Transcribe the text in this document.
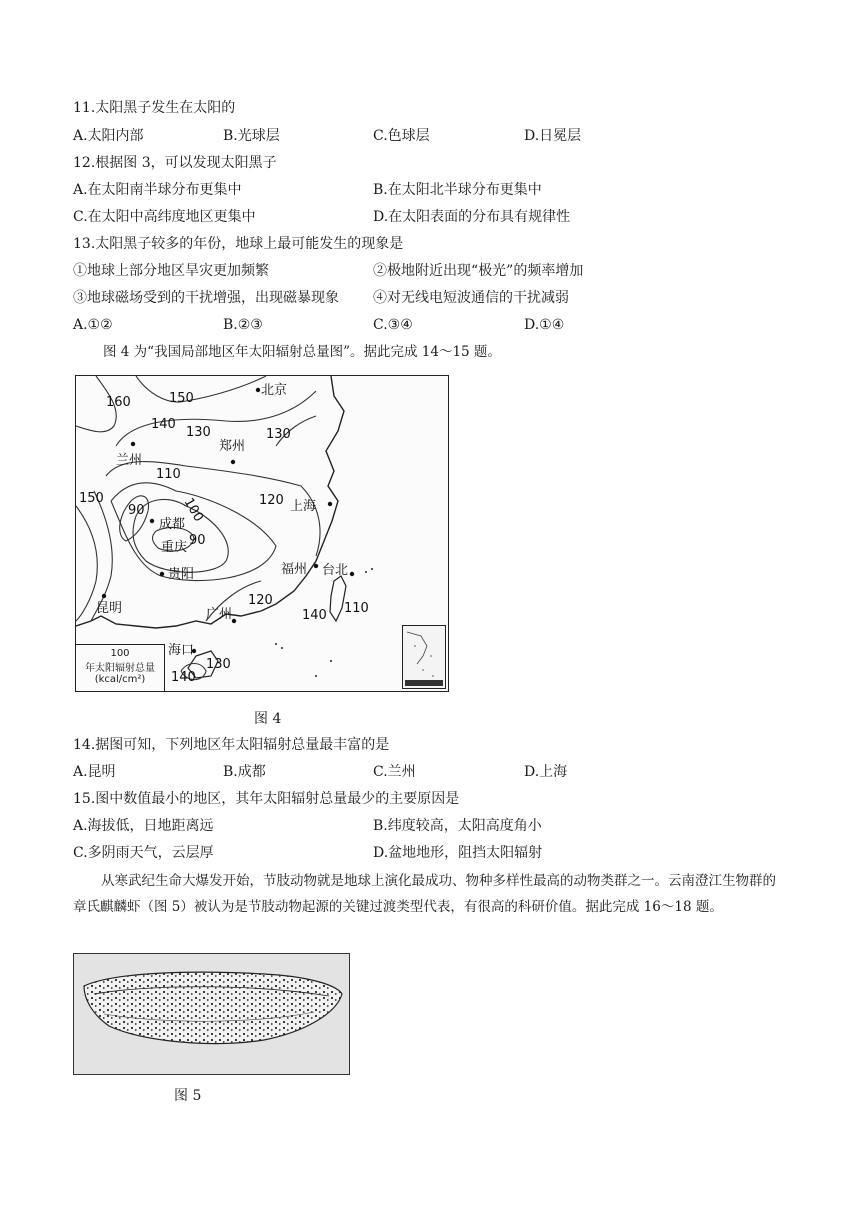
11.太阳黑子发生在太阳的
A.太阳内部	B.光球层	C.色球层	D.日冕层
12.根据图 3，可以发现太阳黑子
A.在太阳南半球分布更集中	B.在太阳北半球分布更集中
C.在太阳中高纬度地区更集中	D.在太阳表面的分布具有规律性
13.太阳黑子较多的年份，地球上最可能发生的现象是
①地球上部分地区旱灾更加频繁	②极地附近出现“极光”的频率增加
③地球磁场受到的干扰增强，出现磁暴现象 ④对无线电短波通信的干扰减弱
A.①②	B.②③	C.③④	D.①④
图 4 为“我国局部地区年太阳辐射总量图”。据此完成 14～15 题。
北京
郑州
兰州
上海
成都
重庆
贵阳	福州 台北
昆明	广州
海口
160	150
140
130	130
110
100	120
150
90
90
120
140 110
130
140
100
年太阳辐射总量
(kcal/cm²)
图 4
14.据图可知，下列地区年太阳辐射总量最丰富的是
A.昆明	B.成都	C.兰州	D.上海
15.图中数值最小的地区，其年太阳辐射总量最少的主要原因是
A.海拔低，日地距离远	B.纬度较高，太阳高度角小
C.多阴雨天气，云层厚	D.盆地地形，阻挡太阳辐射
从寒武纪生命大爆发开始，节肢动物就是地球上演化最成功、物种多样性最高的动物类群之一。云南澄江生物群的章氏麒麟虾（图 5）被认为是节肢动物起源的关键过渡类型代表，有很高的科研价值。据此完成 16～18 题。
图 5
